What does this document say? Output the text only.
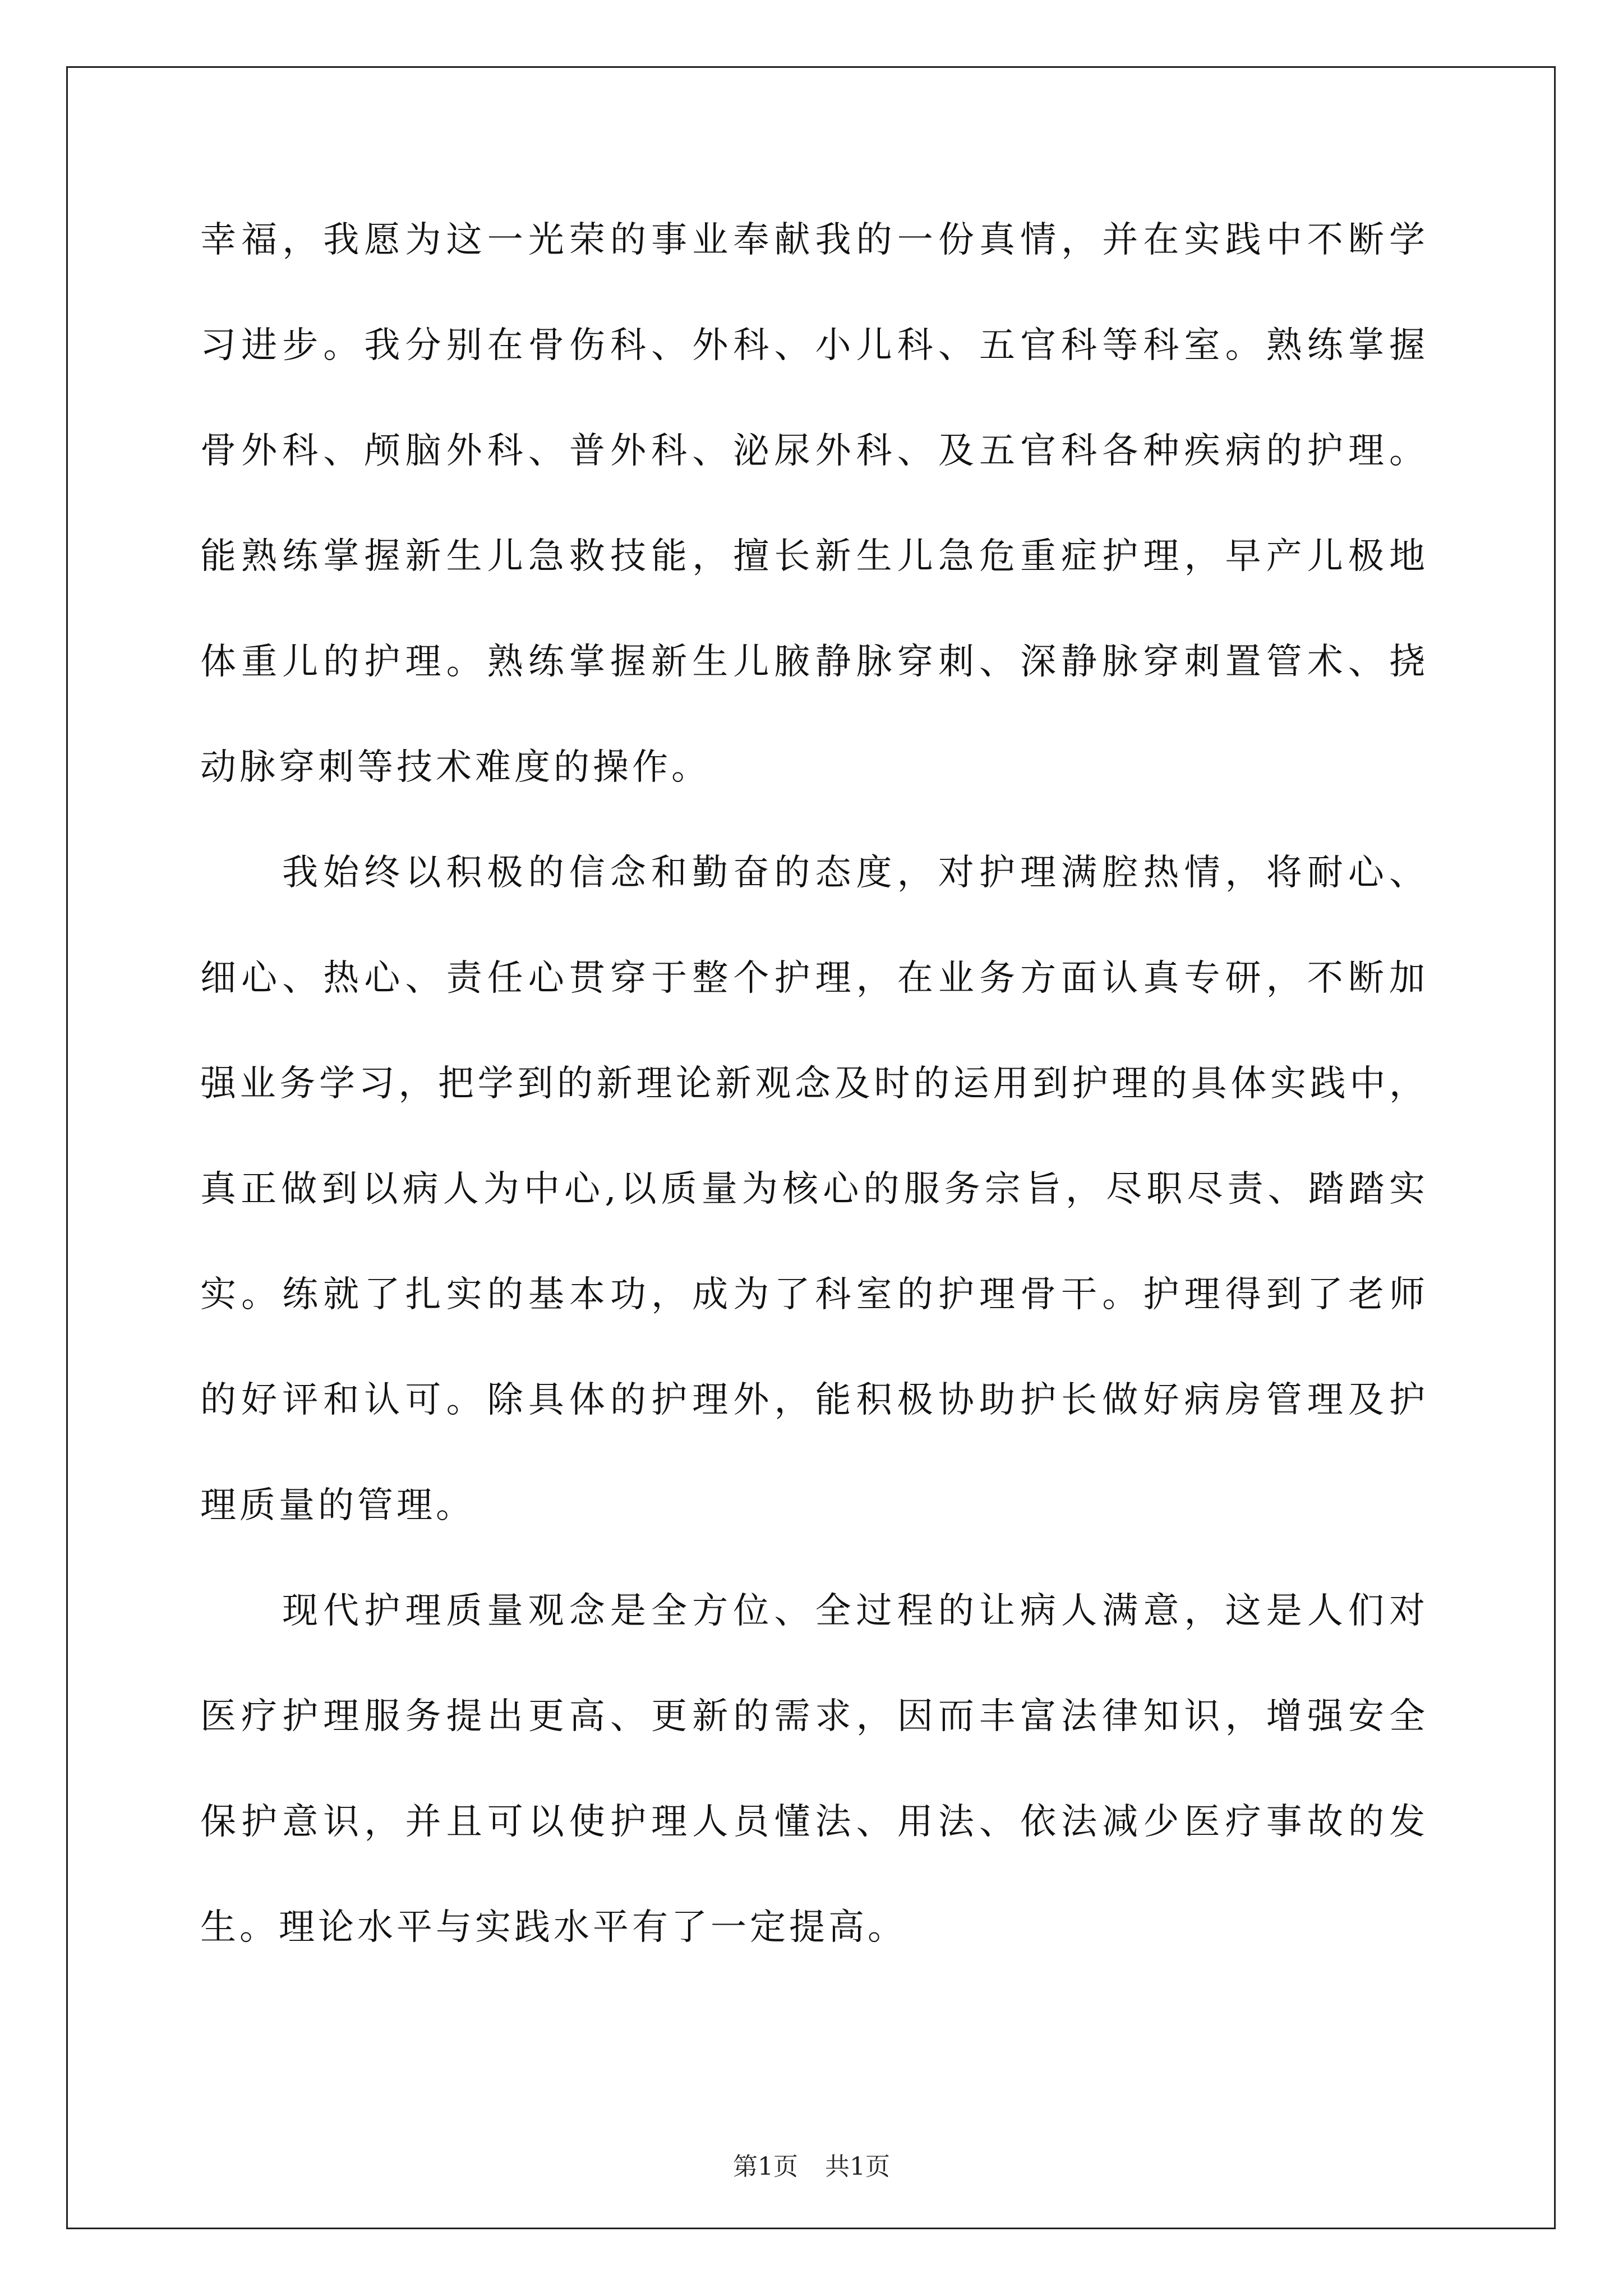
幸福，我愿为这一光荣的事业奉献我的一份真情，并在实践中不断学
习进步。我分别在骨伤科、外科、小儿科、五官科等科室。熟练掌握
骨外科、颅脑外科、普外科、泌尿外科、及五官科各种疾病的护理。
能熟练掌握新生儿急救技能，擅长新生儿急危重症护理，早产儿极地
体重儿的护理。熟练掌握新生儿腋静脉穿刺、深静脉穿刺置管术、挠
动脉穿刺等技术难度的操作。
我始终以积极的信念和勤奋的态度，对护理满腔热情，将耐心、
细心、热心、责任心贯穿于整个护理，在业务方面认真专研，不断加
强业务学习，把学到的新理论新观念及时的运用到护理的具体实践中，
真正做到以病人为中心,以质量为核心的服务宗旨，尽职尽责、踏踏实
实。练就了扎实的基本功，成为了科室的护理骨干。护理得到了老师
的好评和认可。除具体的护理外，能积极协助护长做好病房管理及护
理质量的管理。
现代护理质量观念是全方位、全过程的让病人满意，这是人们对
医疗护理服务提出更高、更新的需求，因而丰富法律知识，增强安全
保护意识，并且可以使护理人员懂法、用法、依法减少医疗事故的发
生。理论水平与实践水平有了一定提高。
第1页 共1页
